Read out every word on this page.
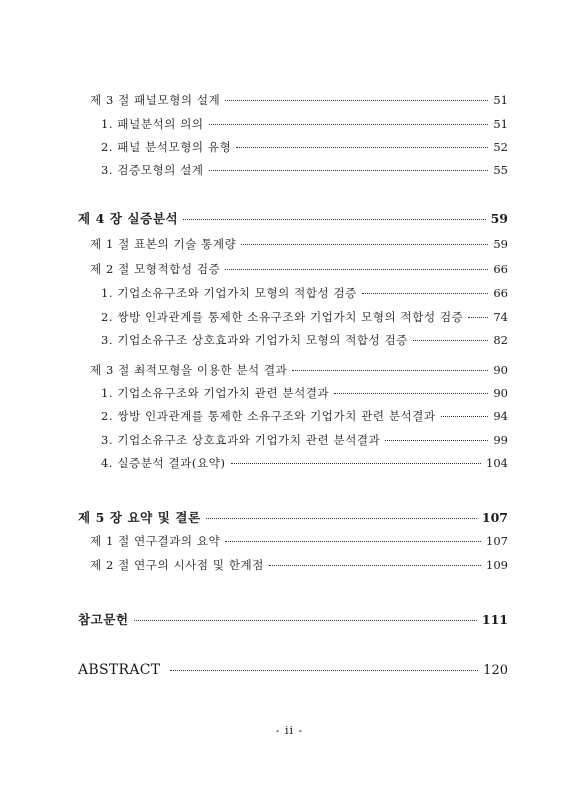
제 3 절 패널모형의 설계	51
1. 패널분석의 의의	51
2. 패널 분석모형의 유형	52
3. 검증모형의 설계	55
제 4 장 실증분석	59
제 1 절 표본의 기술 통계량	59
제 2 절 모형적합성 검증	66
1. 기업소유구조와 기업가치 모형의 적합성 검증	66
2. 쌍방 인과관계를 통제한 소유구조와 기업가치 모형의 적합성 검증	74
3. 기업소유구조 상호효과와 기업가치 모형의 적합성 검증	82
제 3 절 최적모형을 이용한 분석 결과	90
1. 기업소유구조와 기업가치 관련 분석결과	90
2. 쌍방 인과관계를 통제한 소유구조와 기업가치 관련 분석결과	94
3. 기업소유구조 상호효과와 기업가치 관련 분석결과	99
4. 실증분석 결과(요약)	104
제 5 장 요약 및 결론	107
제 1 절 연구결과의 요약	107
제 2 절 연구의 시사점 및 한계점	109
참고문헌	111
ABSTRACT	120
- ii -
